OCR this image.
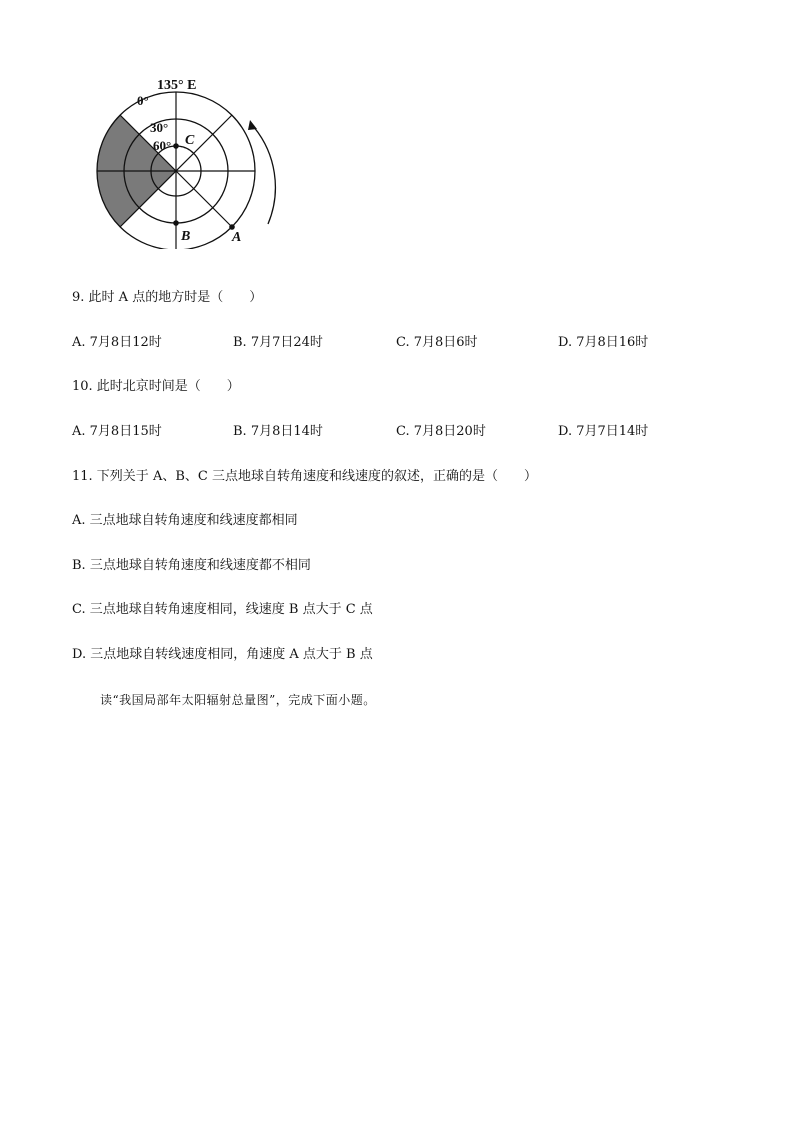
135° E
0°
30°
60° C
B	A
9. 此时 A 点的地方时是（　　）
A. 7月8日12时	B. 7月7日24时	C. 7月8日6时	D. 7月8日16时
10. 此时北京时间是（　　）
A. 7月8日15时	B. 7月8日14时	C. 7月8日20时	D. 7月7日14时
11. 下列关于 A、B、C 三点地球自转角速度和线速度的叙述，正确的是（　　）
A. 三点地球自转角速度和线速度都相同
B. 三点地球自转角速度和线速度都不相同
C. 三点地球自转角速度相同，线速度 B 点大于 C 点
D. 三点地球自转线速度相同，角速度 A 点大于 B 点
读“我国局部年太阳辐射总量图”，完成下面小题。
